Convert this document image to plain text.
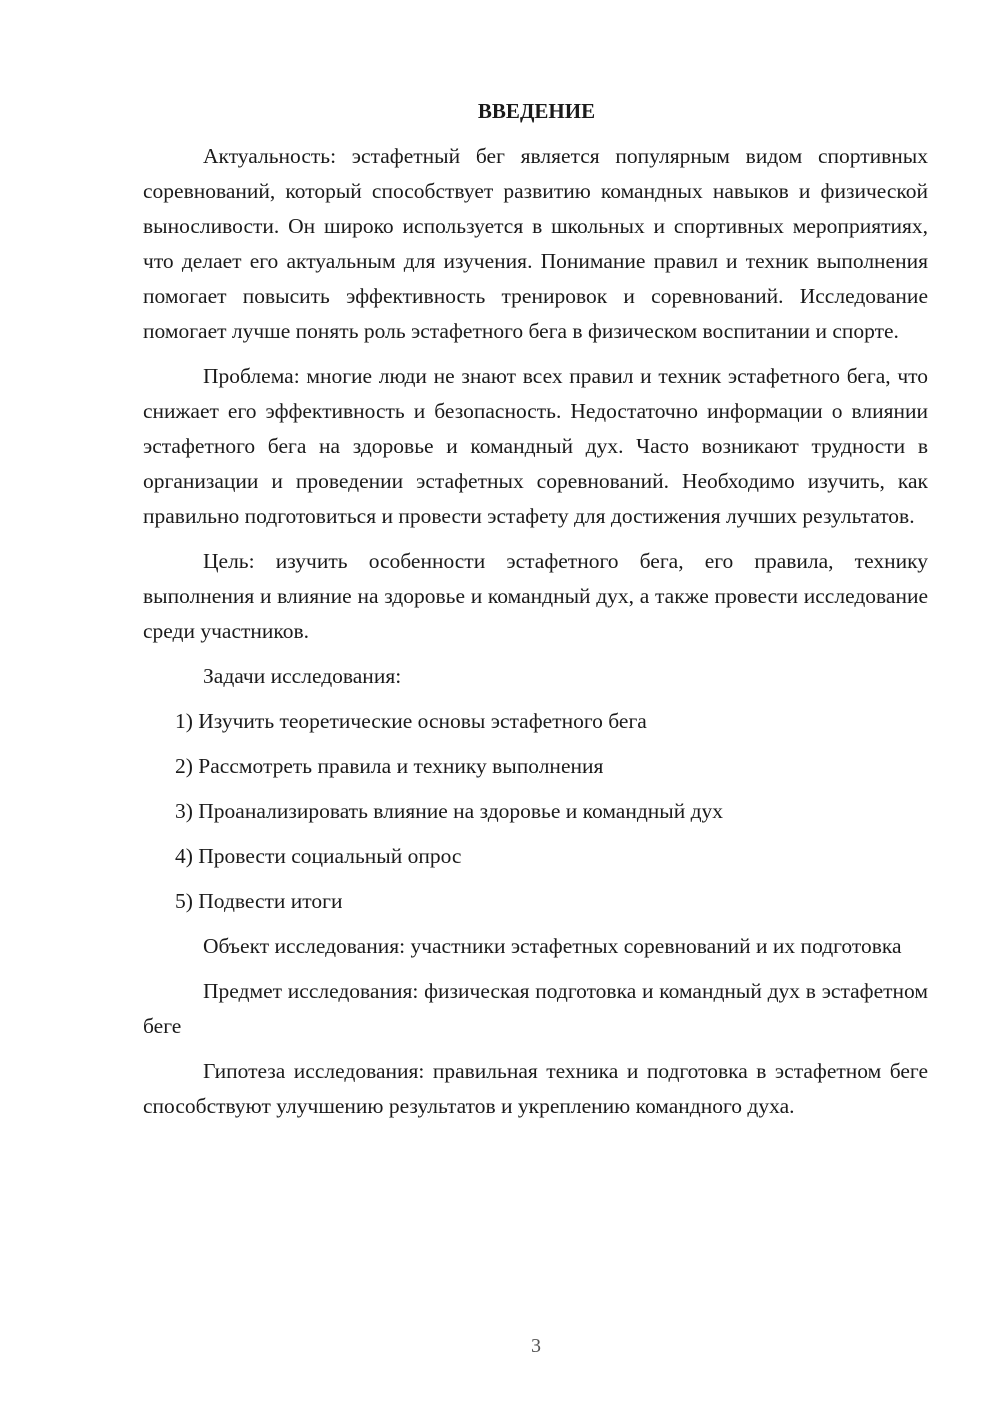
ВВЕДЕНИЕ

Актуальность: эстафетный бег является популярным видом спортивных соревнований, который способствует развитию командных навыков и физической выносливости. Он широко используется в школьных и спортивных мероприятиях, что делает его актуальным для изучения. Понимание правил и техник выполнения помогает повысить эффективность тренировок и соревнований. Исследование помогает лучше понять роль эстафетного бега в физическом воспитании и спорте.

Проблема: многие люди не знают всех правил и техник эстафетного бега, что снижает его эффективность и безопасность. Недостаточно информации о влиянии эстафетного бега на здоровье и командный дух. Часто возникают трудности в организации и проведении эстафетных соревнований. Необходимо изучить, как правильно подготовиться и провести эстафету для достижения лучших результатов.

Цель: изучить особенности эстафетного бега, его правила, технику выполнения и влияние на здоровье и командный дух, а также провести исследование среди участников.

Задачи исследования:

1) Изучить теоретические основы эстафетного бега
2) Рассмотреть правила и технику выполнения
3) Проанализировать влияние на здоровье и командный дух
4) Провести социальный опрос
5) Подвести итоги

Объект исследования: участники эстафетных соревнований и их подготовка

Предмет исследования: физическая подготовка и командный дух в эстафетном беге

Гипотеза исследования: правильная техника и подготовка в эстафетном беге способствуют улучшению результатов и укреплению командного духа.

3
